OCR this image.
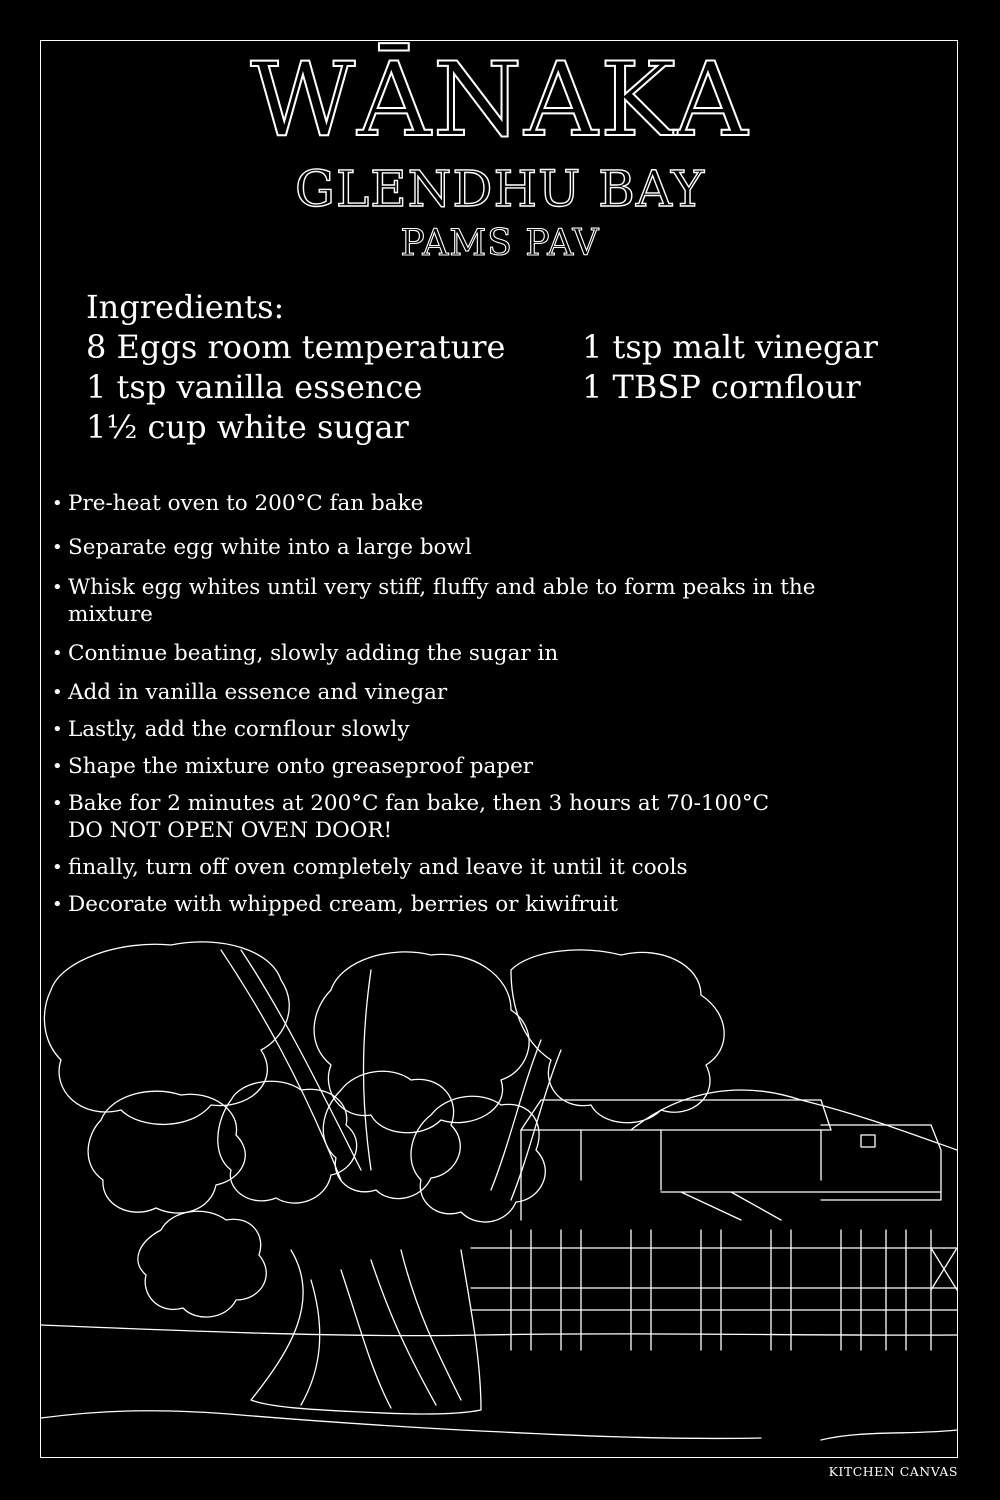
WĀNAKA
GLENDHU BAY
PAMS PAV
Ingredients:
8 Eggs room temperature
1 tsp vanilla essence
1½ cup white sugar
1 tsp malt vinegar
1 TBSP cornflour
• Pre-heat oven to 200°C fan bake
• Separate egg white into a large bowl
• Whisk egg whites until very stiff, fluffy and able to form peaks in the
mixture
• Continue beating, slowly adding the sugar in
• Add in vanilla essence and vinegar
• Lastly, add the cornflour slowly
• Shape the mixture onto greaseproof paper
• Bake for 2 minutes at 200°C fan bake, then 3 hours at 70-100°C
DO NOT OPEN OVEN DOOR!
• finally, turn off oven completely and leave it until it cools
• Decorate with whipped cream, berries or kiwifruit
KITCHEN CANVAS
